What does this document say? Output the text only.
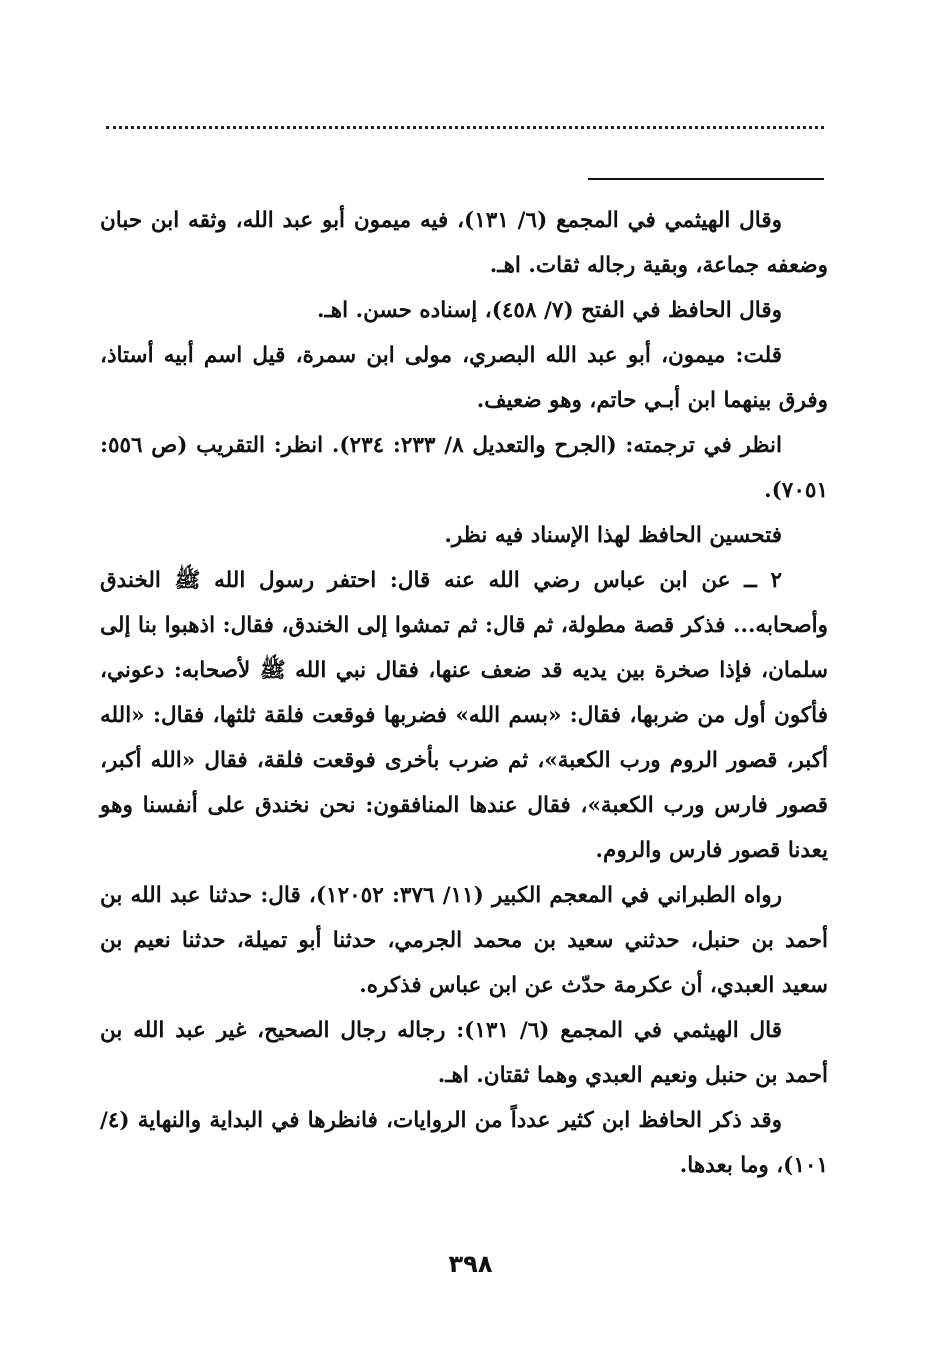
وقال الهيثمي في المجمع (٦/ ١٣١)، فيه ميمون أبو عبد الله، وثقه ابن حبان وضعفه جماعة، وبقية رجاله ثقات. اهـ.

وقال الحافظ في الفتح (٧/ ٤٥٨)، إسناده حسن. اهـ.

قلت: ميمون، أبو عبد الله البصري، مولى ابن سمرة، قيل اسم أبيه أستاذ، وفرق بينهما ابن أبـي حاتم، وهو ضعيف.

انظر في ترجمته: (الجرح والتعديل ٨/ ٢٣٣: ٢٣٤). انظر: التقريب (ص ٥٥٦: ٧٠٥١).

فتحسين الحافظ لهذا الإسناد فيه نظر.

٢ ــ عن ابن عباس رضي الله عنه قال: احتفر رسول الله ﷺ الخندق وأصحابه... فذكر قصة مطولة، ثم قال: ثم تمشوا إلى الخندق، فقال: اذهبوا بنا إلى سلمان، فإذا صخرة بين يديه قد ضعف عنها، فقال نبي الله ﷺ لأصحابه: دعوني، فأكون أول من ضربها، فقال: «بسم الله» فضربها فوقعت فلقة ثلثها، فقال: «الله أكبر، قصور الروم ورب الكعبة»، ثم ضرب بأخرى فوقعت فلقة، فقال «الله أكبر، قصور فارس ورب الكعبة»، فقال عندها المنافقون: نحن نخندق على أنفسنا وهو يعدنا قصور فارس والروم.

رواه الطبراني في المعجم الكبير (١١/ ٣٧٦: ١٢٠٥٢)، قال: حدثنا عبد الله بن أحمد بن حنبل، حدثني سعيد بن محمد الجرمي، حدثنا أبو تميلة، حدثنا نعيم بن سعيد العبدي، أن عكرمة حدّث عن ابن عباس فذكره.

قال الهيثمي في المجمع (٦/ ١٣١): رجاله رجال الصحيح، غير عبد الله بن أحمد بن حنبل ونعيم العبدي وهما ثقتان. اهـ.

وقد ذكر الحافظ ابن كثير عدداً من الروايات، فانظرها في البداية والنهاية (٤/ ١٠١)، وما بعدها.

٣٩٨
